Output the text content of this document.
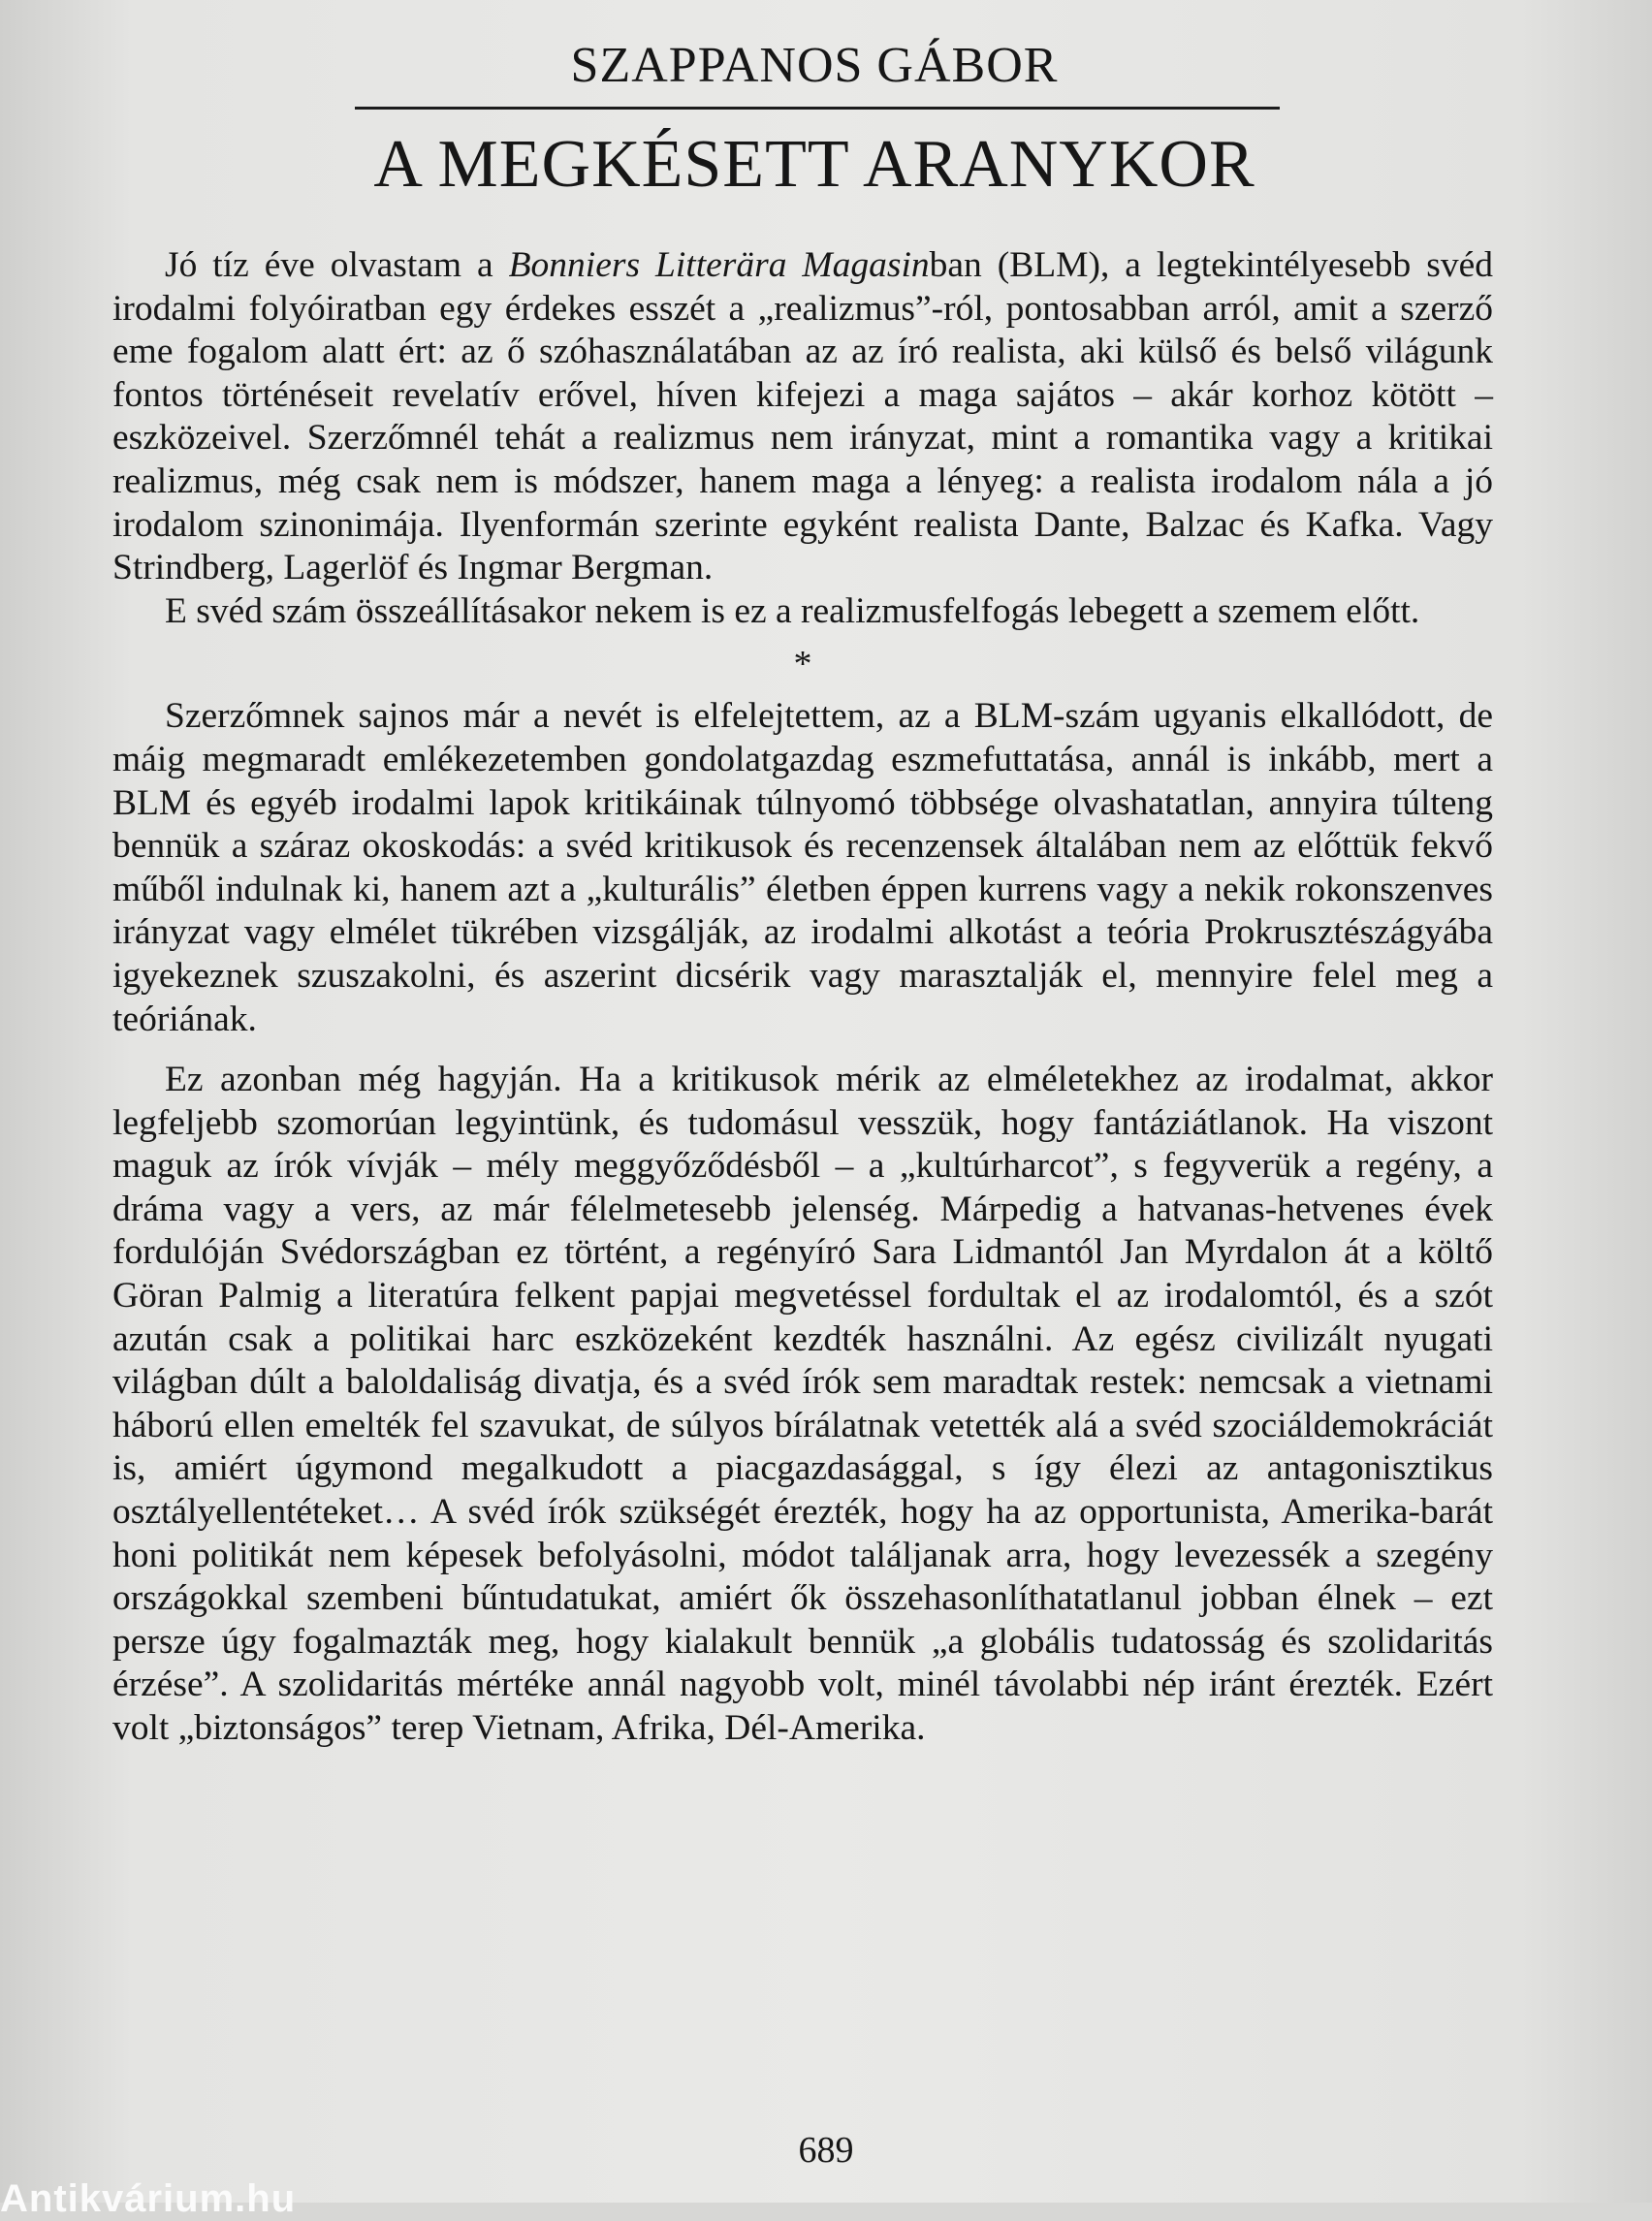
SZAPPANOS GÁBOR
A MEGKÉSETT ARANYKOR

Jó tíz éve olvastam a Bonniers Litterära Magasinban (BLM), a legtekintélyesebb svéd irodalmi folyóiratban egy érdekes esszét a „realizmus”-ról, pontosabban arról, amit a szerző eme fogalom alatt ért: az ő szóhasználatában az az író realista, aki külső és belső világunk fontos történéseit revelatív erővel, híven kifejezi a maga sajátos – akár korhoz kötött – eszközeivel. Szerzőmnél tehát a realizmus nem irányzat, mint a romantika vagy a kritikai realizmus, még csak nem is módszer, hanem maga a lényeg: a realista irodalom nála a jó irodalom szinonimája. Ilyenformán szerinte egyként realista Dante, Balzac és Kafka. Vagy Strindberg, Lagerlöf és Ingmar Bergman.

E svéd szám összeállításakor nekem is ez a realizmusfelfogás lebegett a szemem előtt.

*

Szerzőmnek sajnos már a nevét is elfelejtettem, az a BLM-szám ugyanis elkallódott, de máig megmaradt emlékezetemben gondolatgazdag eszmefuttatása, annál is inkább, mert a BLM és egyéb irodalmi lapok kritikáinak túlnyomó többsége olvashatatlan, annyira túlteng bennük a száraz okoskodás: a svéd kritikusok és recenzensek általában nem az előttük fekvő műből indulnak ki, hanem azt a „kulturális” életben éppen kurrens vagy a nekik rokonszenves irányzat vagy elmélet tükrében vizsgálják, az irodalmi alkotást a teória Prokrusztészágyába igyekeznek szuszakolni, és aszerint dicsérik vagy marasztalják el, mennyire felel meg a teóriának.

Ez azonban még hagyján. Ha a kritikusok mérik az elméletekhez az irodalmat, akkor legfeljebb szomorúan legyintünk, és tudomásul vesszük, hogy fantáziátlanok. Ha viszont maguk az írók vívják – mély meggyőződésből – a „kultúrharcot”, s fegyverük a regény, a dráma vagy a vers, az már félelmetesebb jelenség. Márpedig a hatvanas-hetvenes évek fordulóján Svédországban ez történt, a regényíró Sara Lidmantól Jan Myrdalon át a költő Göran Palmig a literatúra felkent papjai megvetéssel fordultak el az irodalomtól, és a szót azután csak a politikai harc eszközeként kezdték használni. Az egész civilizált nyugati világban dúlt a baloldaliság divatja, és a svéd írók sem maradtak restek: nemcsak a vietnami háború ellen emelték fel szavukat, de súlyos bírálatnak vetették alá a svéd szociáldemokráciát is, amiért úgymond megalkudott a piacgazdasággal, s így élezi az antagonisztikus osztályellentéteket… A svéd írók szükségét érezték, hogy ha az opportunista, Amerika-barát honi politikát nem képesek befolyásolni, módot találjanak arra, hogy levezessék a szegény országokkal szembeni bűntudatukat, amiért ők összehasonlíthatatlanul jobban élnek – ezt persze úgy fogalmazták meg, hogy kialakult bennük „a globális tudatosság és szolidaritás érzése”. A szolidaritás mértéke annál nagyobb volt, minél távolabbi nép iránt érezték. Ezért volt „biztonságos” terep Vietnam, Afrika, Dél-Amerika.

689
Antikvárium.hu
